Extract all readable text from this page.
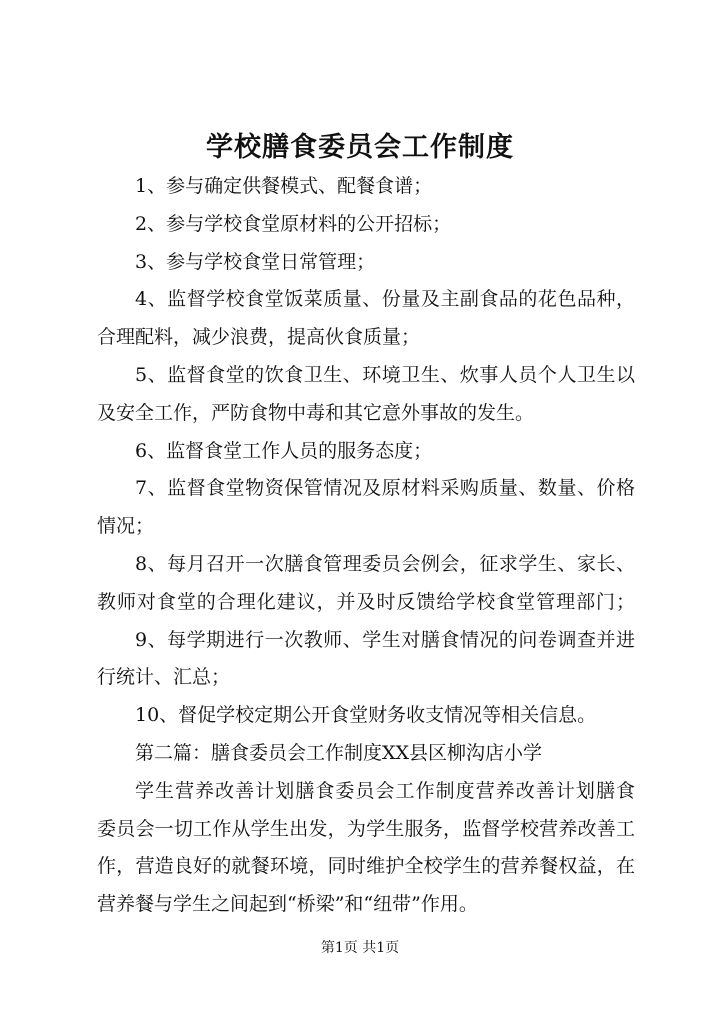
学校膳食委员会工作制度
1、参与确定供餐模式、配餐食谱；
2、参与学校食堂原材料的公开招标；
3、参与学校食堂日常管理；
4、监督学校食堂饭菜质量、份量及主副食品的花色品种，
合理配料，减少浪费，提高伙食质量；
5、监督食堂的饮食卫生、环境卫生、炊事人员个人卫生以
及安全工作，严防食物中毒和其它意外事故的发生。
6、监督食堂工作人员的服务态度；
7、监督食堂物资保管情况及原材料采购质量、数量、价格
情况；
8、每月召开一次膳食管理委员会例会，征求学生、家长、
教师对食堂的合理化建议，并及时反馈给学校食堂管理部门；
9、每学期进行一次教师、学生对膳食情况的问卷调查并进
行统计、汇总；
10、督促学校定期公开食堂财务收支情况等相关信息。
第二篇：膳食委员会工作制度XX县区柳沟店小学
学生营养改善计划膳食委员会工作制度营养改善计划膳食
委员会一切工作从学生出发，为学生服务，监督学校营养改善工
作，营造良好的就餐环境，同时维护全校学生的营养餐权益，在
营养餐与学生之间起到“桥梁”和“纽带”作用。
第1页 共1页
